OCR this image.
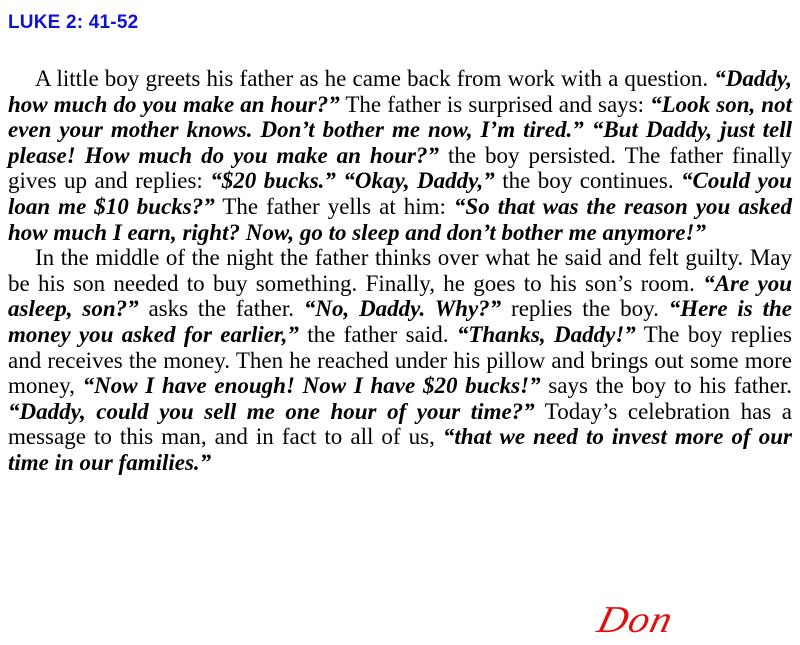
LUKE 2: 41-52

A little boy greets his father as he came back from work with a question. “Daddy, how much do you make an hour?” The father is surprised and says: “Look son, not even your mother knows. Don’t bother me now, I’m tired.” “But Daddy, just tell please! How much do you make an hour?” the boy persisted. The father finally gives up and replies: “$20 bucks.” “Okay, Daddy,” the boy continues. “Could you loan me $10 bucks?” The father yells at him: “So that was the reason you asked how much I earn, right? Now, go to sleep and don’t bother me anymore!”

In the middle of the night the father thinks over what he said and felt guilty. May be his son needed to buy something. Finally, he goes to his son’s room. “Are you asleep, son?” asks the father. “No, Daddy. Why?” replies the boy. “Here is the money you asked for earlier,” the father said. “Thanks, Daddy!” The boy replies and receives the money. Then he reached under his pillow and brings out some more money, “Now I have enough! Now I have $20 bucks!” says the boy to his father. “Daddy, could you sell me one hour of your time?” Today’s celebration has a message to this man, and in fact to all of us, “that we need to invest more of our time in our families.”

Don
